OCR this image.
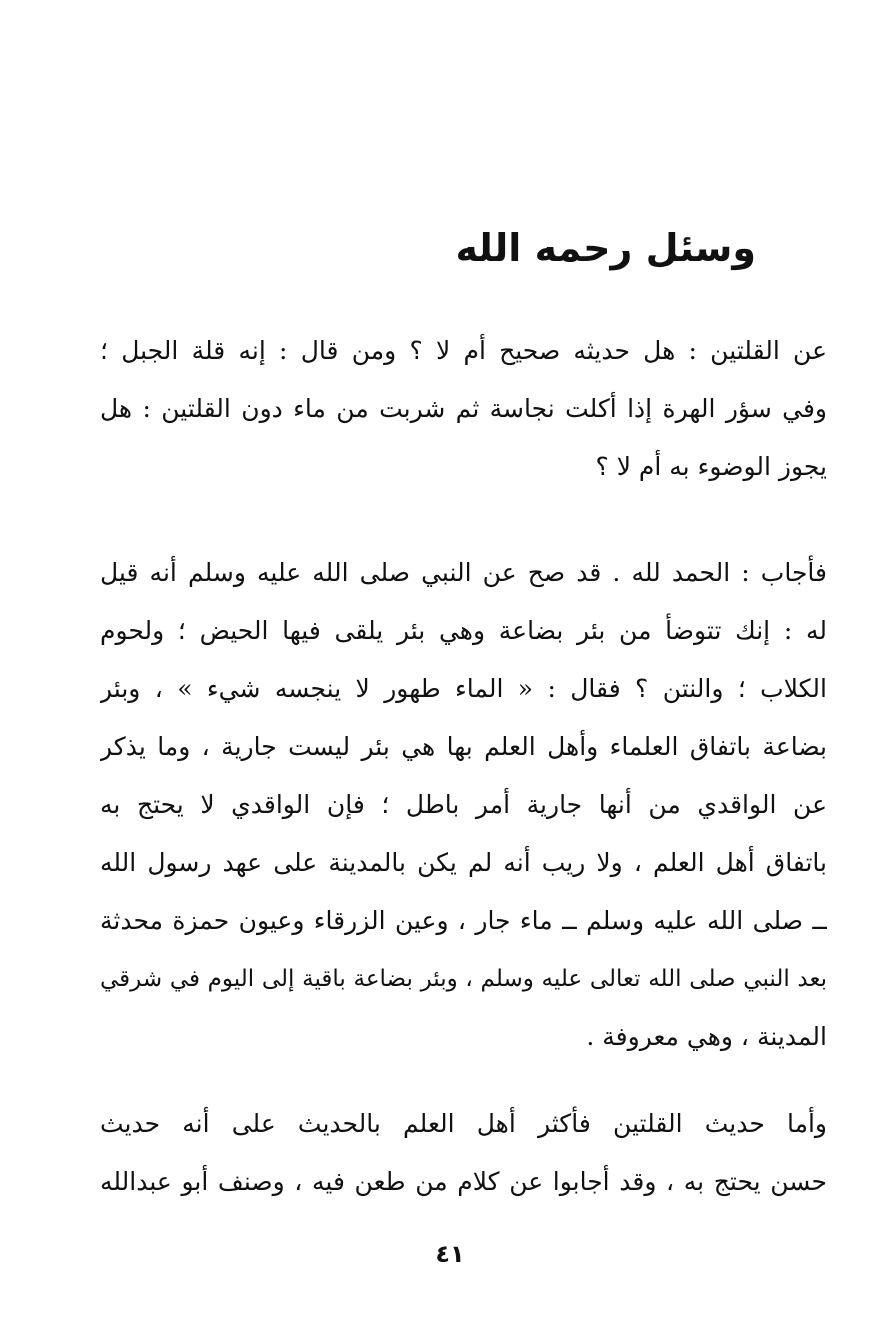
وسئل رحمه الله
عن القلتين : هل حديثه صحيح أم لا ؟ ومن قال : إنه قلة الجبل ؛
وفي سؤر الهرة إذا أكلت نجاسة ثم شربت من ماء دون القلتين : هل
يجوز الوضوء به أم لا ؟
فأجاب : الحمد لله . قد صح عن النبي صلى الله عليه وسلم أنه قيل
له : إنك تتوضأ من بئر بضاعة وهي بئر يلقى فيها الحيض ؛ ولحوم
الكلاب ؛ والنتن ؟ فقال : « الماء طهور لا ينجسه شيء » ، وبئر
بضاعة باتفاق العلماء وأهل العلم بها هي بئر ليست جارية ، وما يذكر
عن الواقدي من أنها جارية أمر باطل ؛ فإن الواقدي لا يحتج به
باتفاق أهل العلم ، ولا ريب أنه لم يكن بالمدينة على عهد رسول الله
ــ صلى الله عليه وسلم ــ ماء جار ، وعين الزرقاء وعيون حمزة محدثة
بعد النبي صلى الله تعالى عليه وسلم ، وبئر بضاعة باقية إلى اليوم في شرقي
المدينة ، وهي معروفة .
وأما حديث القلتين فأكثر أهل العلم بالحديث على أنه حديث
حسن يحتج به ، وقد أجابوا عن كلام من طعن فيه ، وصنف أبو عبدالله
٤١
